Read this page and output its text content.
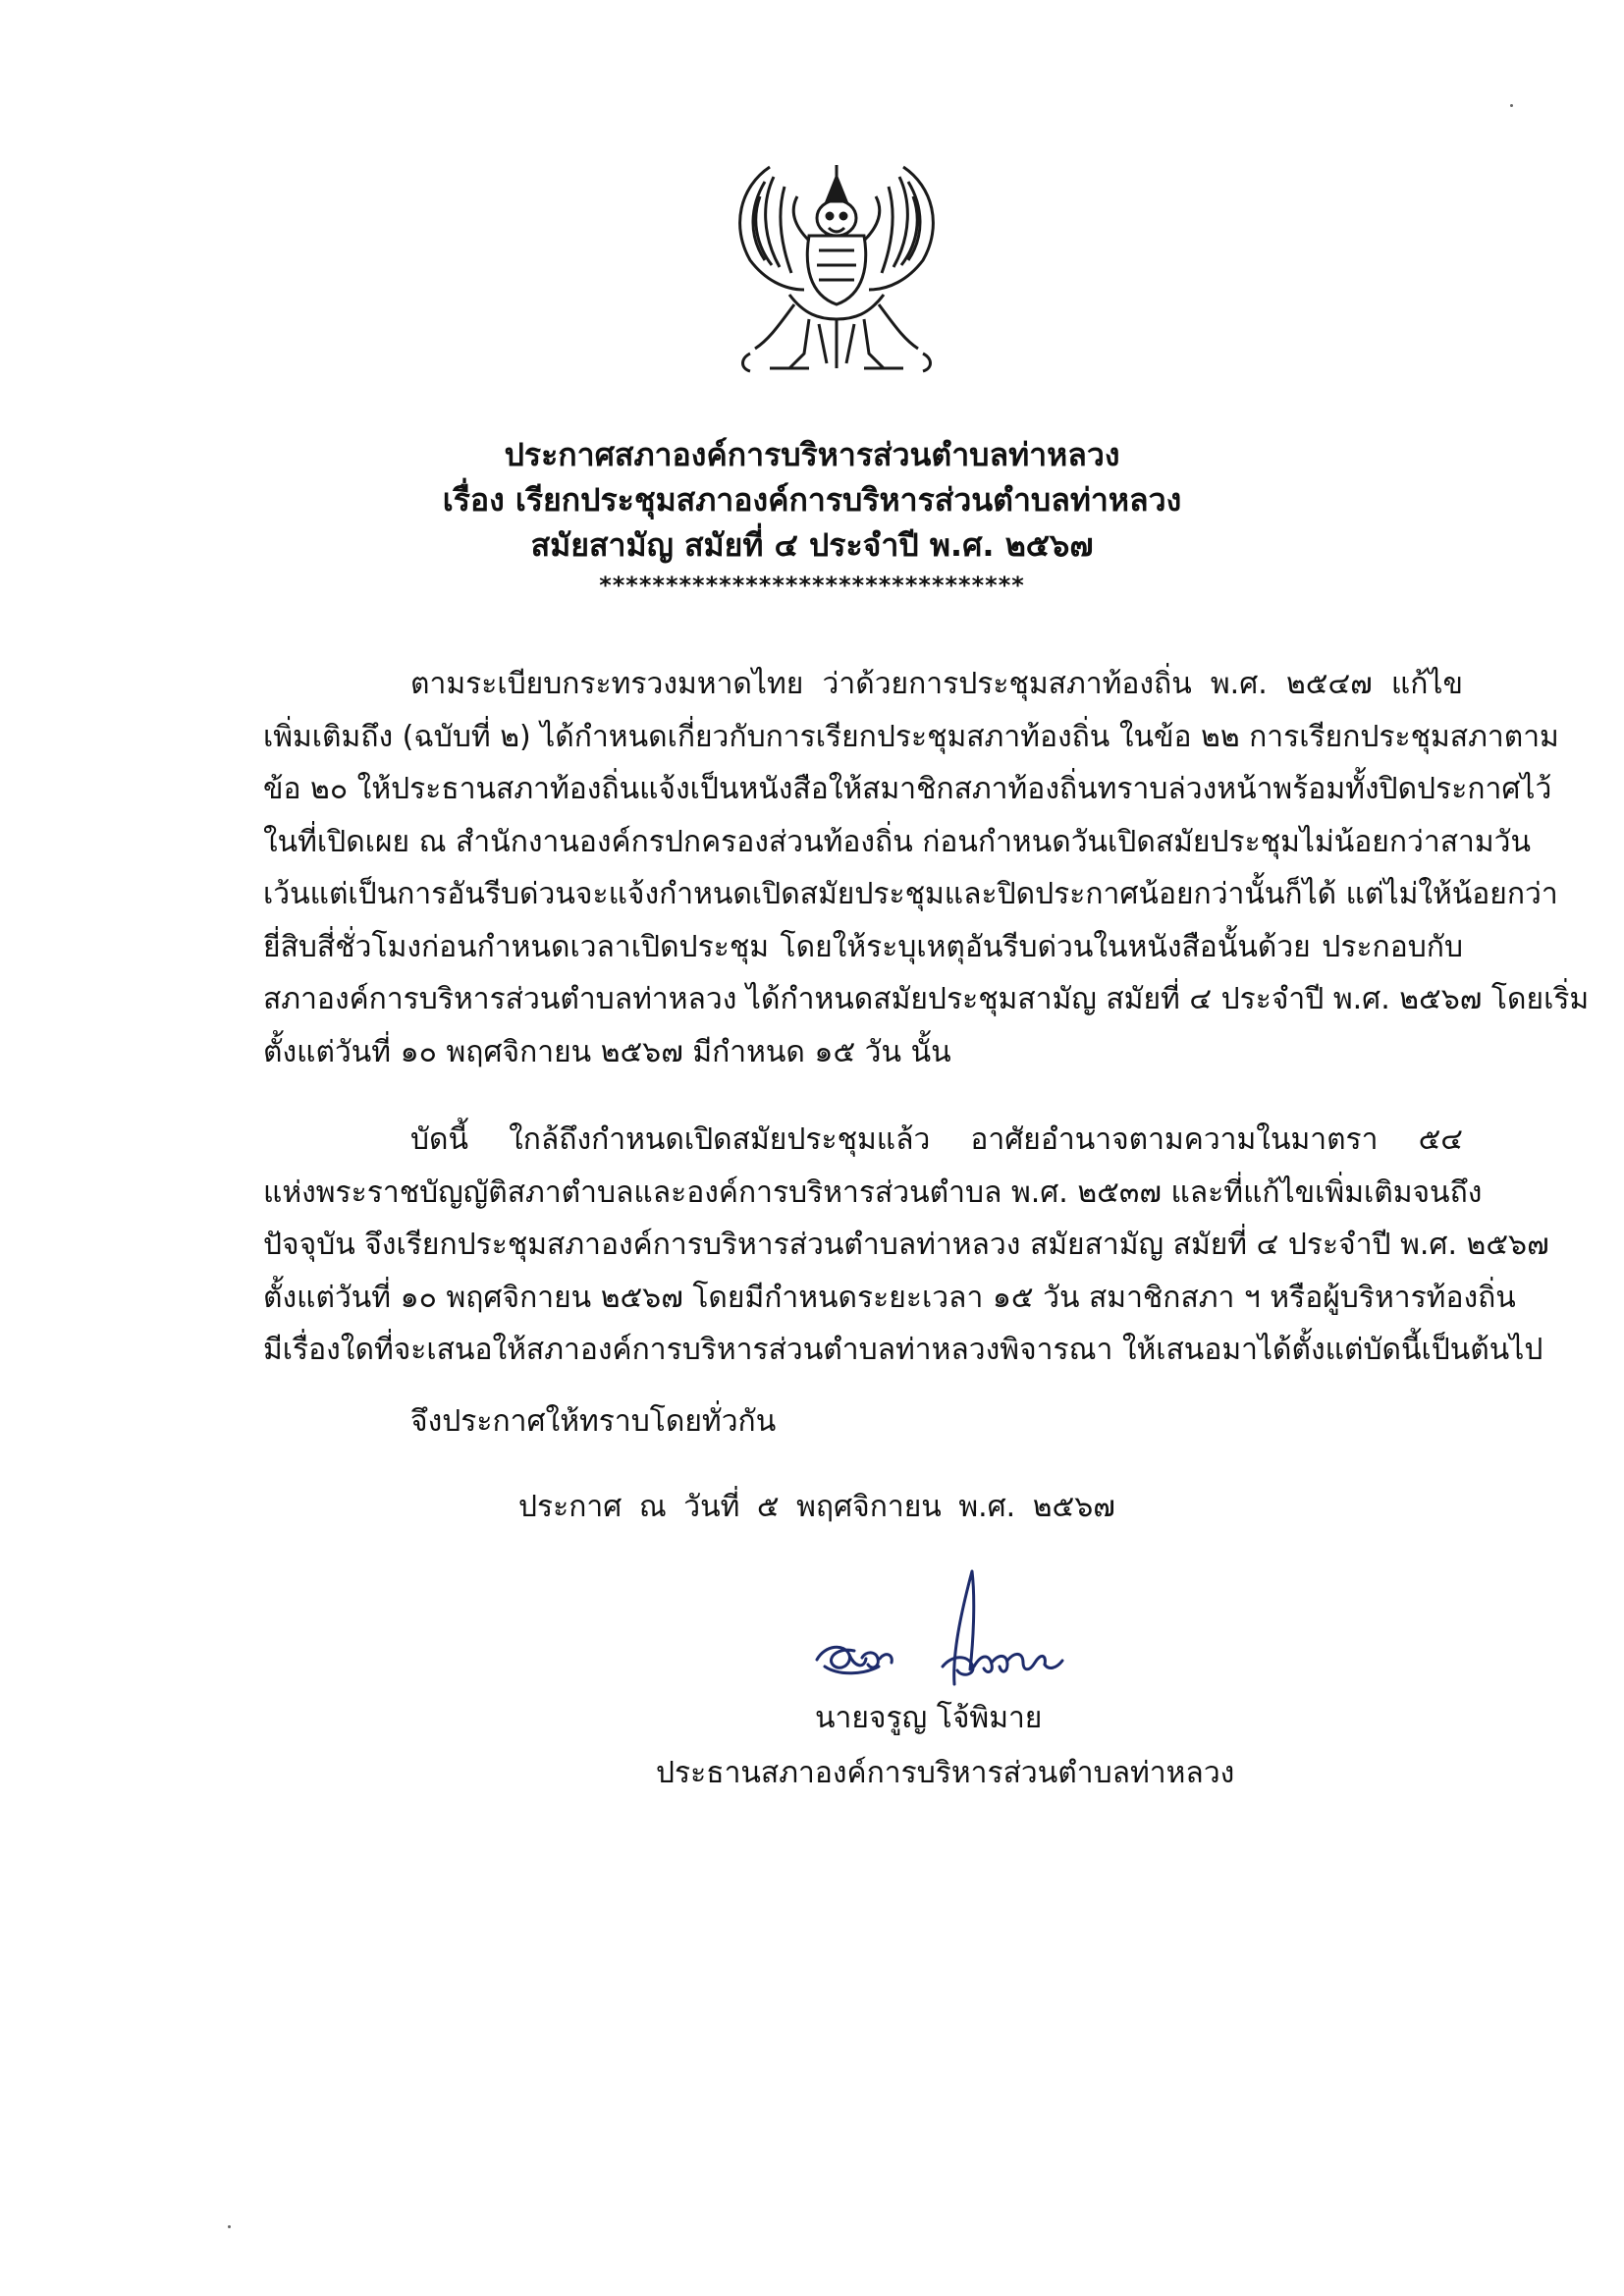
ประกาศสภาองค์การบริหารส่วนตำบลท่าหลวง
เรื่อง เรียกประชุมสภาองค์การบริหารส่วนตำบลท่าหลวง
สมัยสามัญ สมัยที่ ๔ ประจำปี พ.ศ. ๒๕๖๗
********************************
ตามระเบียบกระทรวงมหาดไทย ว่าด้วยการประชุมสภาท้องถิ่น พ.ศ. ๒๕๔๗ แก้ไข
เพิ่มเติมถึง (ฉบับที่ ๒) ได้กำหนดเกี่ยวกับการเรียกประชุมสภาท้องถิ่น ในข้อ ๒๒ การเรียกประชุมสภาตาม
ข้อ ๒๐ ให้ประธานสภาท้องถิ่นแจ้งเป็นหนังสือให้สมาชิกสภาท้องถิ่นทราบล่วงหน้าพร้อมทั้งปิดประกาศไว้
ในที่เปิดเผย ณ สำนักงานองค์กรปกครองส่วนท้องถิ่น ก่อนกำหนดวันเปิดสมัยประชุมไม่น้อยกว่าสามวัน
เว้นแต่เป็นการอันรีบด่วนจะแจ้งกำหนดเปิดสมัยประชุมและปิดประกาศน้อยกว่านั้นก็ได้ แต่ไม่ให้น้อยกว่า
ยี่สิบสี่ชั่วโมงก่อนกำหนดเวลาเปิดประชุม โดยให้ระบุเหตุอันรีบด่วนในหนังสือนั้นด้วย ประกอบกับ
สภาองค์การบริหารส่วนตำบลท่าหลวง ได้กำหนดสมัยประชุมสามัญ สมัยที่ ๔ ประจำปี พ.ศ. ๒๕๖๗ โดยเริ่ม
ตั้งแต่วันที่ ๑๐ พฤศจิกายน ๒๕๖๗ มีกำหนด ๑๕ วัน นั้น
บัดนี้ ใกล้ถึงกำหนดเปิดสมัยประชุมแล้ว อาศัยอำนาจตามความในมาตรา ๕๔
แห่งพระราชบัญญัติสภาตำบลและองค์การบริหารส่วนตำบล พ.ศ. ๒๕๓๗ และที่แก้ไขเพิ่มเติมจนถึง
ปัจจุบัน จึงเรียกประชุมสภาองค์การบริหารส่วนตำบลท่าหลวง สมัยสามัญ สมัยที่ ๔ ประจำปี พ.ศ. ๒๕๖๗
ตั้งแต่วันที่ ๑๐ พฤศจิกายน ๒๕๖๗ โดยมีกำหนดระยะเวลา ๑๕ วัน สมาชิกสภา ฯ หรือผู้บริหารท้องถิ่น
มีเรื่องใดที่จะเสนอให้สภาองค์การบริหารส่วนตำบลท่าหลวงพิจารณา ให้เสนอมาได้ตั้งแต่บัดนี้เป็นต้นไป
จึงประกาศให้ทราบโดยทั่วกัน
ประกาศ ณ วันที่ ๕ พฤศจิกายน พ.ศ. ๒๕๖๗
นายจรูญ โจ้พิมาย
ประธานสภาองค์การบริหารส่วนตำบลท่าหลวง
